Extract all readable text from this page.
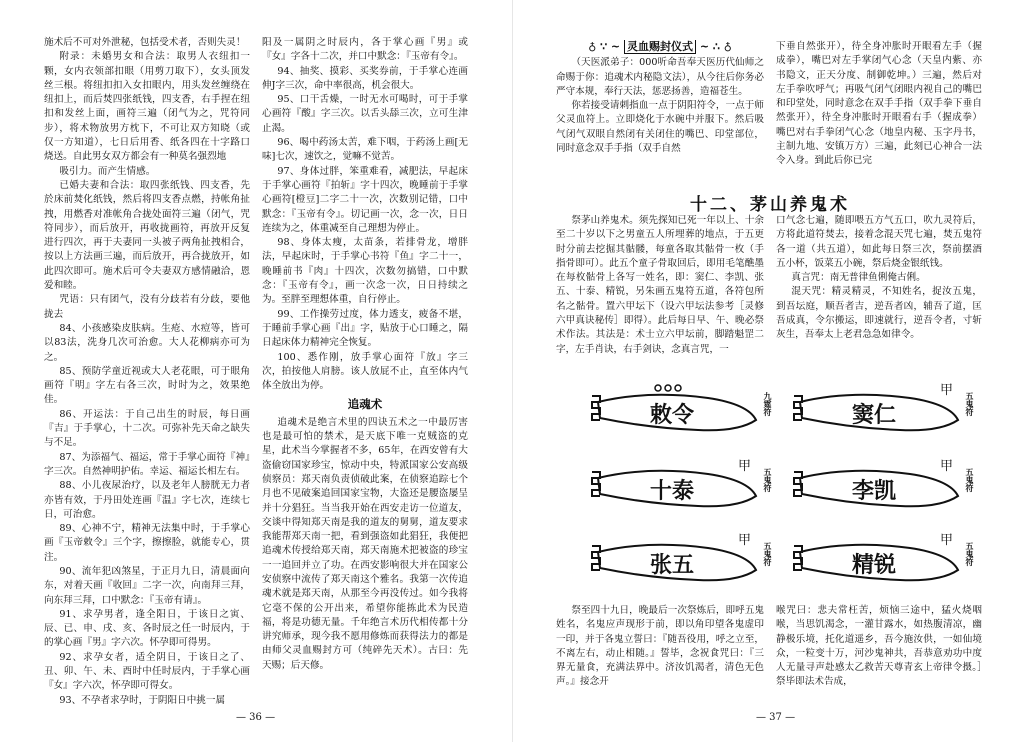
施术后不可对外泄秘，包括受术者，否则失灵！

附录：未婚男女和合法：取男人衣纽扣一颗，女内衣领部扣眼（用剪刀取下），女头顶发丝三根。将纽扣扣入女扣眼内，用头发丝缠绕在纽扣上，而后焚四张纸钱，四支香，右手捏在纽扣和发丝上面，画符三遍（闭气为之，咒符同步），将术物放男方枕下，不可让双方知晓（或仅一方知道），七日后用香、纸各四在十字路口烧送。自此男女双方都会有一种莫名强烈地

吸引力。而产生情感。

已婚夫妻和合法：取四张纸钱、四支香，先於床前焚化纸钱，然后将四支香点燃，持帐角扯拽，用燃香对准帐角合拢处面符三遍（闭气，咒符同步），而后放开，再收拢画符，再放开反复进行四次，再于夫妻同一头被子两角扯拽相合，按以上方法画三遍，而后放开，再合拢放开，如此四次即可。施术后可令夫妻双方感情融洽，恩爱和睦。

咒语：只有团气，没有分歧若有分歧，要他拢去

84、小孩感染皮肤病。生疮、水痘等，皆可以83法，洗身几次可治愈。大人花柳病亦可为之。

85、预防学童近视或大人老花眼，可于眼角画符『明』字左右各三次，时时为之，效果绝佳。

86、开运法：于自己出生的时辰，每日画『吉』于手掌心，十二次。可弥补先天命之缺失与不足。

87、为添福气、福运，常于手掌心面符『神』字三次。自然神明护佑。幸运、福运长相左右。

88、小儿夜尿治疗，以及老年人膀胱无力者亦皆有效，于丹田处连画『温』字七次，连续七日，可治愈。

89、心神不宁，精神无法集中时，于手掌心画『玉帝敕令』三个字，擦擦脸，就能专心，贯注。

90、流年犯凶煞星，于正月九日，清晨面向东，对着天画『收回』二字一次，向南拜三拜，向东拜三拜，口中默念：『玉帝有请』。

91、求孕男者，逢全阳日，于该日之寅、辰、已、申、戌、亥、各时辰之任一时辰内，于的掌心画『男』字六次。怀孕即可得男。

92、求孕女者，适全阴日，于该日之了、丑、卯、午、未、酉时中任时辰内，于手掌心画『女』字六次，怀孕即可得女。

93、不孕者求孕时，于阴阳日中挑一属

阳及一属阴之时辰内，各于掌心画『男』或『女』字各十二次，并口中默念：『玉帝有令』。

94、抽奖、摸彩、买奖券前，于手掌心连画伸J字三次，命中率很高，机会很大。

95、口干舌燥，一时无水可喝时，可于手掌心画符『酸』字三次。以舌头舔三次，立可生津止渴。

96、喝中药汤太苦，难下咽，于药汤上画[无味]七次，速饮之，觉嘛不觉苦。

97、身体过胖，笨重难看，减肥法，早起床于手掌心画符『拍斩』字十四次，晚睡前于手掌心画符[橙豆]二字二十一次，次数别记错，口中默念：『玉帝有令』。切记画一次，念一次，日日连续为之，体重减至自己理想为停止。

98、身体太瘦，太苗条，若排骨龙，增胖法，早起床时，于手掌心书符『鱼』字二十一，晚睡前书『肉』十四次，次数勿搞错，口中默念：『玉帝有令』，画一次念一次，日日持续之为。至胖至理想体重，自行停止。

99、工作操劳过度，体力透支，疲备不堪，于睡前手掌心画『出』字，贴放于心口睡之，隔日起床体力精神完全恢复。

100、悉作刚，放手掌心面符『放』字三次，拍按他人肩膀。该人放屁不止，直至体内气体全放出为停。

追魂术

追魂术是绝言术里的四诀五术之一中最厉害也是最可怕的禁术，是天底下唯一克贼盗的克星，此术当今掌握者不多，65年，在西安曾有大盗偷窃国家珍宝，惊动中央，特派国家公安高级侦察员：郑天南负责侦破此案，在侦察追踪七个月也不见破案追回国家宝物，大盗还是腰盗屡呈并十分猖狂。当当我开始在西安走访一位道友，交谈中得知郑天南是我的道友的舅舅，道友要求我能帮郑天南一把，看到强盗如此猖狂，我便把追魂术传授给郑天南，郑天南施术把被盗的珍宝一一追回并立了功。在西安影响很大并在国家公安侦察中流传了郑天南这个雅名。我第一次传追魂术就是郑天南，从那至今再没传过。如今我将它毫不保的公开出来，希望你能拣此术为民造福，将是功德无量。千年绝言术历代相传都十分讲究师承，现今我不愿用修炼而获得法力的都是由师父灵血赐封方可（纯碎先天术）。古曰：先天赐；后天修。

— 36 —
♁ ∵ ~ 灵血赐封仪式 ~ ∴ ♁

（天医派弟子：000听命吾奉天医历代仙师之命赐于你：追魂术内秘隐文法），从今往后你务必严守本规，奉行天法，惩恶扬善，造福苍生。

你若接受请刺指血一点于阴阳符令，一点于师父灵血符上。立即烧化于水碗中并服下。然后吸气闭气双眼自然闭有关闭住的嘴巴、印堂部位，同时意念双手手指（双手自然

下垂自然张开），待全身冲胀时开眼看左手（握成拳），嘴巴对左手掌闭气心念（天皇内紫、亦书隐文，正天分度、制御乾坤。）三遍，然后对左手拳吹呼气；再吸气闭气闭眼内视自己的嘴巴和印堂处，同时意念在双手手指（双手拳下垂自然张开），待全身冲胀时开眼看右手（握成拳）嘴巴对右手拳闭气心念（地皇内秘、玉字丹书，主制九地、安镇万方）三遍，此刻已心神合一法令入身。到此后你已完

十二、茅山养鬼术

祭茅山养鬼术。须先探知已死一年以上、十余至二十岁以下之男童五人所埋葬的地点，于五更时分前去挖掘其骷髅，每童各取其骷骨一枚（手指骨即可）。此五个童子骨取回后，即用毛笔醮墨在每枚骷骨上各写一姓名，即：窦仁、李凯、张五、十泰、精锐，另朱画五鬼符五道，各符包所名之骷骨。置六甲坛下（设六甲坛法参考［灵修六甲真诀秘传］即得）。此后每日早、午、晚必祭术作法。其法是：术士立六甲坛前，脚踏魁罡二字，左手肖诀，右手剑诀，念真言咒，一

口气念七遍，随即喂五方气五口，吹九灵符后，方将此道符焚去，接着念混天咒七遍，焚五鬼符各一道（共五道），如此每日祭三次，祭前摆酒五小杯，饭菜五小碗，祭后烧金银纸钱。

真言咒：南无普律鱼俐俺古俐。

混天咒：精灵精灵，不知姓名，捉汝五鬼，到吾坛庭，顺吾者吉，逆吾者凶，辅吾了道，匡吾成真，令尔搬运，即速就行，逆吾令者，寸斩灰生，吾奉太上老君急急如律令。

敕令	九霆符	窦仁
甲
五鬼符
十泰
甲
五鬼符	李凯
甲
五鬼符
张五
甲
五鬼符	精锐
甲
五鬼符

祭至四十九日，晚最后一次祭炼后，即呼五鬼姓名，名鬼应声现形于前，即以角印望各鬼虚印一印，并于各鬼立誓曰：『随吾役用，呼之立至，不离左右，动止相随。』誓毕，念祝食咒曰：『三界无量食，充满法界中。济汝饥渴者，清色无色声。』接念开

喉咒曰：悲夫常枉苦，烦恼三途中，猛火烧咽喉，当思饥渴念，一灌甘露水，如热腹清凉，幽静极乐境，托化道遥乡，吾今施汝供，一如仙境众，一粒变十万，河沙鬼神共，吾恭意劝功中度人无量寻声赴感太乙救苦天尊青玄上帝律令摄。］祭毕即法术告成，

— 37 —
